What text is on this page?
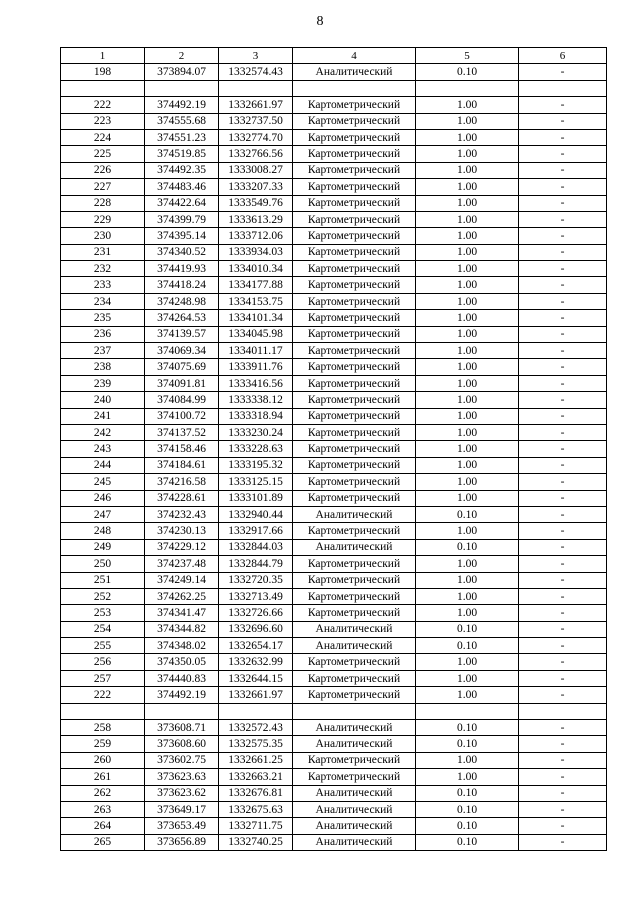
8
1	2	3	4	5	6
198	373894.07	1332574.43	Аналитический	0.10	-

222	374492.19	1332661.97	Картометрический	1.00	-
223	374555.68	1332737.50	Картометрический	1.00	-
224	374551.23	1332774.70	Картометрический	1.00	-
225	374519.85	1332766.56	Картометрический	1.00	-
226	374492.35	1333008.27	Картометрический	1.00	-
227	374483.46	1333207.33	Картометрический	1.00	-
228	374422.64	1333549.76	Картометрический	1.00	-
229	374399.79	1333613.29	Картометрический	1.00	-
230	374395.14	1333712.06	Картометрический	1.00	-
231	374340.52	1333934.03	Картометрический	1.00	-
232	374419.93	1334010.34	Картометрический	1.00	-
233	374418.24	1334177.88	Картометрический	1.00	-
234	374248.98	1334153.75	Картометрический	1.00	-
235	374264.53	1334101.34	Картометрический	1.00	-
236	374139.57	1334045.98	Картометрический	1.00	-
237	374069.34	1334011.17	Картометрический	1.00	-
238	374075.69	1333911.76	Картометрический	1.00	-
239	374091.81	1333416.56	Картометрический	1.00	-
240	374084.99	1333338.12	Картометрический	1.00	-
241	374100.72	1333318.94	Картометрический	1.00	-
242	374137.52	1333230.24	Картометрический	1.00	-
243	374158.46	1333228.63	Картометрический	1.00	-
244	374184.61	1333195.32	Картометрический	1.00	-
245	374216.58	1333125.15	Картометрический	1.00	-
246	374228.61	1333101.89	Картометрический	1.00	-
247	374232.43	1332940.44	Аналитический	0.10	-
248	374230.13	1332917.66	Картометрический	1.00	-
249	374229.12	1332844.03	Аналитический	0.10	-
250	374237.48	1332844.79	Картометрический	1.00	-
251	374249.14	1332720.35	Картометрический	1.00	-
252	374262.25	1332713.49	Картометрический	1.00	-
253	374341.47	1332726.66	Картометрический	1.00	-
254	374344.82	1332696.60	Аналитический	0.10	-
255	374348.02	1332654.17	Аналитический	0.10	-
256	374350.05	1332632.99	Картометрический	1.00	-
257	374440.83	1332644.15	Картометрический	1.00	-
222	374492.19	1332661.97	Картометрический	1.00	-

258	373608.71	1332572.43	Аналитический	0.10	-
259	373608.60	1332575.35	Аналитический	0.10	-
260	373602.75	1332661.25	Картометрический	1.00	-
261	373623.63	1332663.21	Картометрический	1.00	-
262	373623.62	1332676.81	Аналитический	0.10	-
263	373649.17	1332675.63	Аналитический	0.10	-
264	373653.49	1332711.75	Аналитический	0.10	-
265	373656.89	1332740.25	Аналитический	0.10	-
